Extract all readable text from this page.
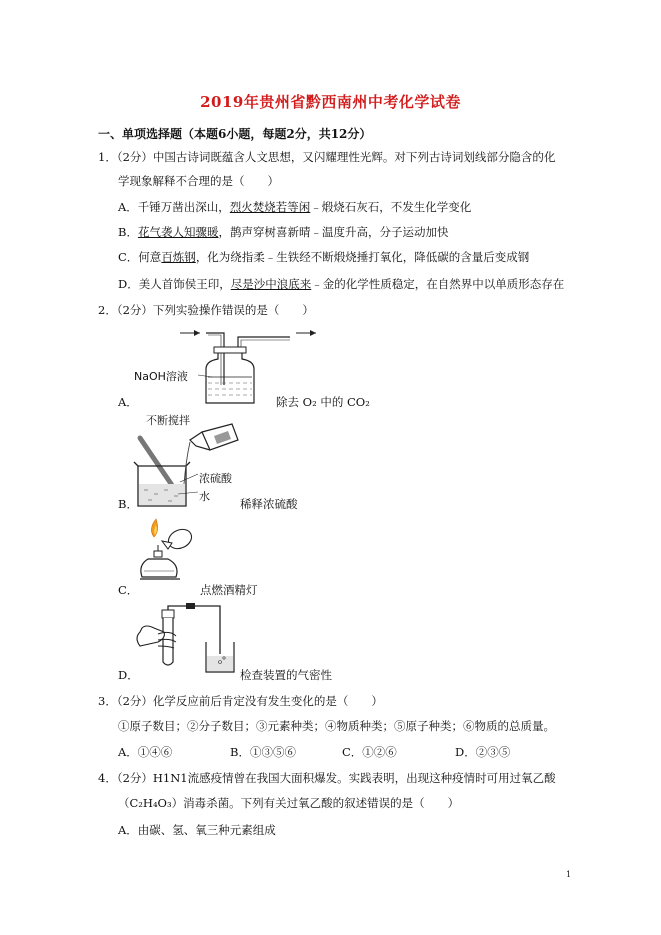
2019年贵州省黔西南州中考化学试卷
一、单项选择题（本题6小题，每题2分，共12分）
1．（2分）中国古诗词既蕴含人文思想，又闪耀理性光辉。对下列古诗词划线部分隐含的化
学现象解释不合理的是（　　）
A．千锤万凿出深山，烈火焚烧若等闲﹣煅烧石灰石，不发生化学变化
B．花气袭人知骤暖，鹊声穿树喜新晴﹣温度升高，分子运动加快
C．何意百炼钢，化为绕指柔﹣生铁经不断煅烧捶打氧化，降低碳的含量后变成钢
D．美人首饰侯王印，尽是沙中浪底来﹣金的化学性质稳定，在自然界中以单质形态存在
2．（2分）下列实验操作错误的是（　　）
A．
NaOH溶液
除去 O₂ 中的 CO₂
B．
不断搅拌
浓硫酸
水
稀释浓硫酸
C．	点燃酒精灯
D．	检查装置的气密性
3．（2分）化学反应前后肯定没有发生变化的是（　　）
①原子数目；②分子数目；③元素种类；④物质种类；⑤原子种类；⑥物质的总质量。
A．①④⑥	B．①③⑤⑥	C．①②⑥	D．②③⑤
4．（2分）H1N1流感疫情曾在我国大面积爆发。实践表明，出现这种疫情时可用过氧乙酸
（C₂H₄O₃）消毒杀菌。下列有关过氧乙酸的叙述错误的是（　　）
A．由碳、氢、氧三种元素组成
1
